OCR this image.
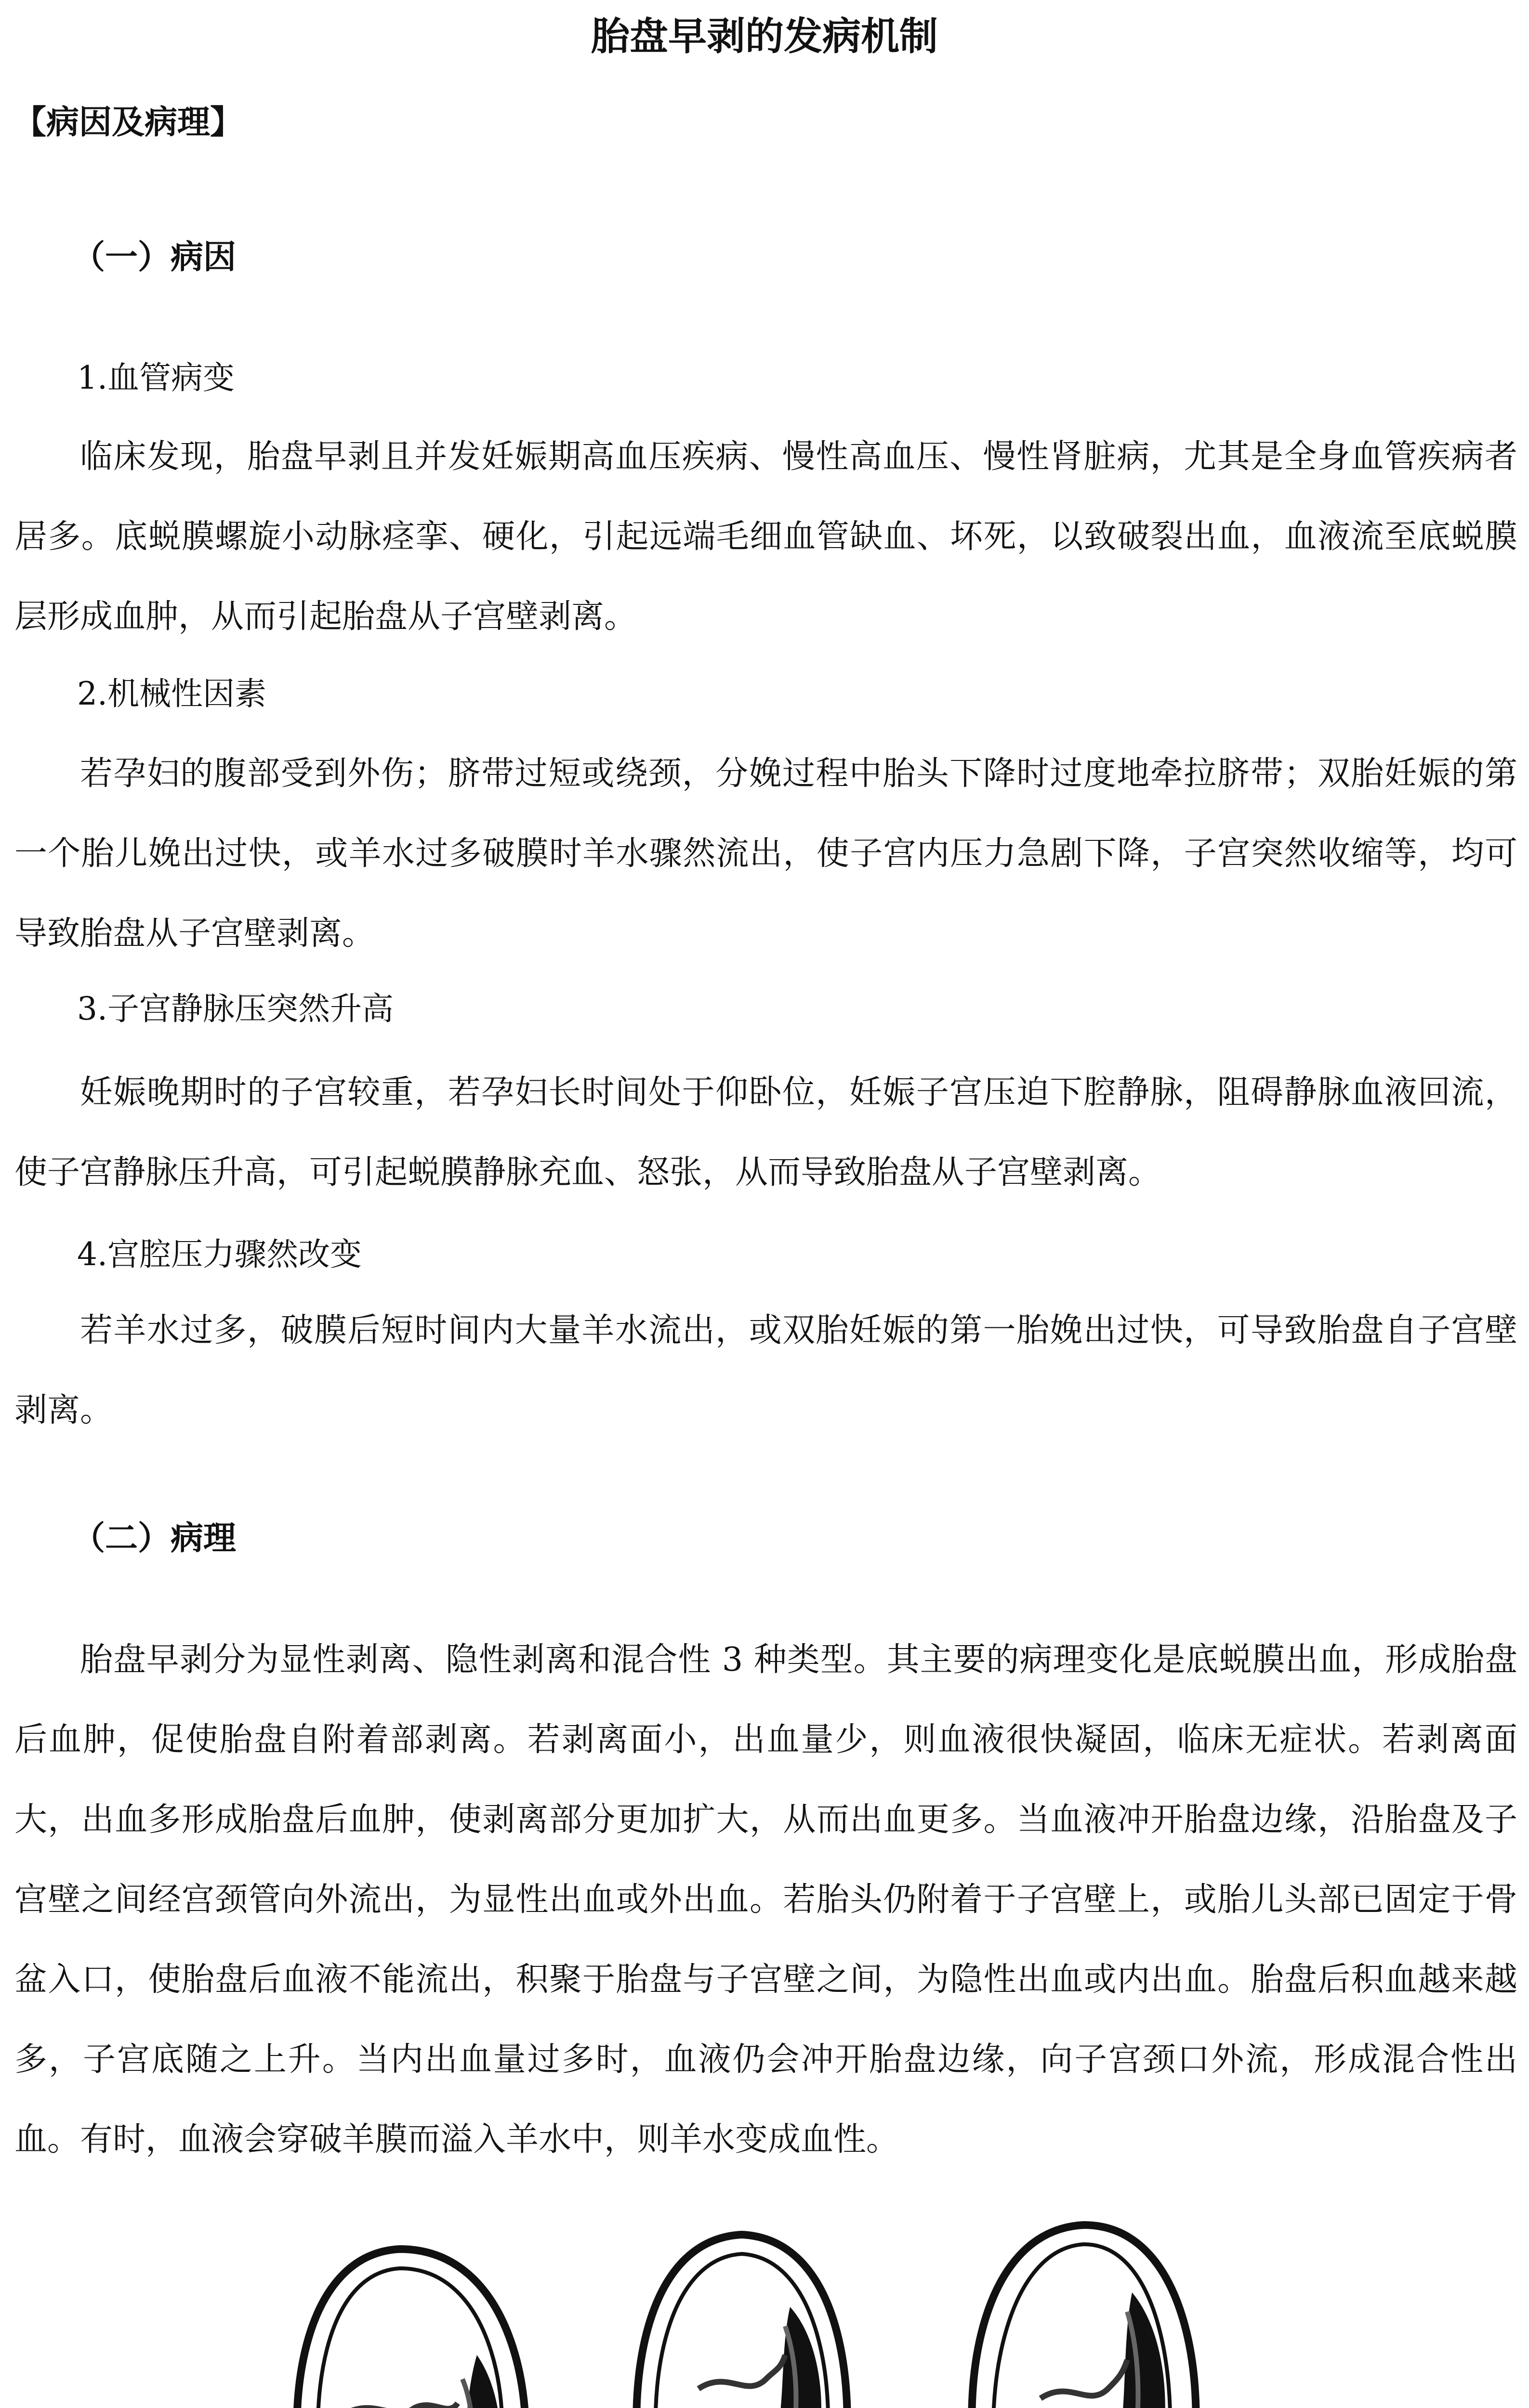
胎盘早剥的发病机制
【病因及病理】
（一）病因
1.血管病变

临床发现，胎盘早剥且并发妊娠期高血压疾病、慢性高血压、慢性肾脏病，尤其是全身血管疾病者居多。底蜕膜螺旋小动脉痉挛、硬化，引起远端毛细血管缺血、坏死，以致破裂出血，血液流至底蜕膜层形成血肿，从而引起胎盘从子宫壁剥离。

2.机械性因素

若孕妇的腹部受到外伤；脐带过短或绕颈，分娩过程中胎头下降时过度地牵拉脐带；双胎妊娠的第一个胎儿娩出过快，或羊水过多破膜时羊水骤然流出，使子宫内压力急剧下降，子宫突然收缩等，均可导致胎盘从子宫壁剥离。

3.子宫静脉压突然升高

妊娠晚期时的子宫较重，若孕妇长时间处于仰卧位，妊娠子宫压迫下腔静脉，阻碍静脉血液回流，使子宫静脉压升高，可引起蜕膜静脉充血、怒张，从而导致胎盘从子宫壁剥离。

4.宫腔压力骤然改变

若羊水过多，破膜后短时间内大量羊水流出，或双胎妊娠的第一胎娩出过快，可导致胎盘自子宫壁剥离。

（二）病理

胎盘早剥分为显性剥离、隐性剥离和混合性 3 种类型。其主要的病理变化是底蜕膜出血，形成胎盘后血肿，促使胎盘自附着部剥离。若剥离面小，出血量少，则血液很快凝固，临床无症状。若剥离面大，出血多形成胎盘后血肿，使剥离部分更加扩大，从而出血更多。当血液冲开胎盘边缘，沿胎盘及子宫壁之间经宫颈管向外流出，为显性出血或外出血。若胎头仍附着于子宫壁上，或胎儿头部已固定于骨盆入口，使胎盘后血液不能流出，积聚于胎盘与子宫壁之间，为隐性出血或内出血。胎盘后积血越来越多，子宫底随之上升。当内出血量过多时，血液仍会冲开胎盘边缘，向子宫颈口外流，形成混合性出血。有时，血液会穿破羊膜而溢入羊水中，则羊水变成血性。
